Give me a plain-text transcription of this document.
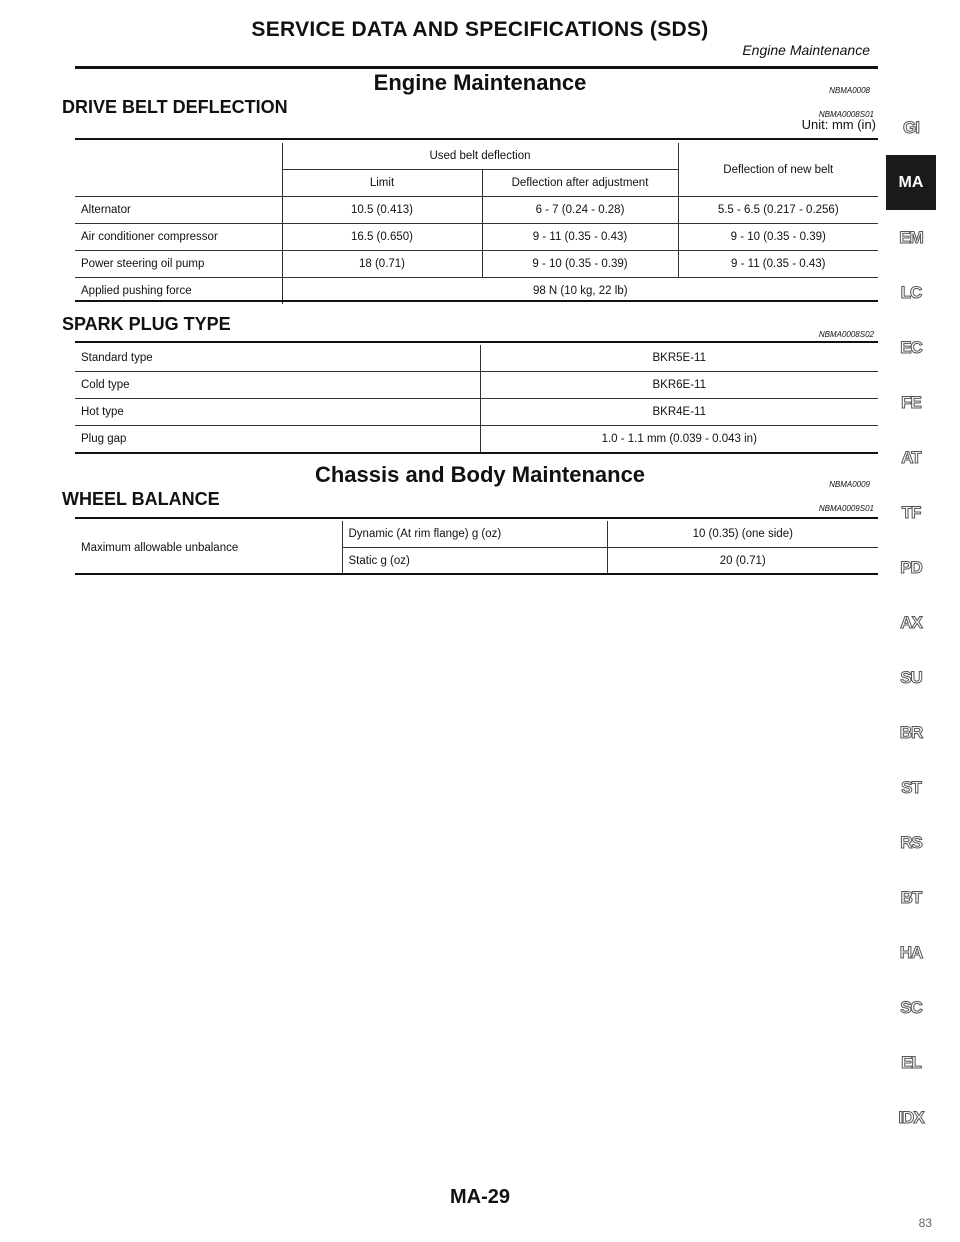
SERVICE DATA AND SPECIFICATIONS (SDS)
Engine Maintenance
Engine Maintenance	NBMA0008
DRIVE BELT DEFLECTION	NBMA0008S01
Unit: mm (in)
	Used belt deflection		Deflection of new belt
	Limit	Deflection after adjustment	
Alternator	10.5 (0.413)	6 - 7 (0.24 - 0.28)	5.5 - 6.5 (0.217 - 0.256)
Air conditioner compressor	16.5 (0.650)	9 - 11 (0.35 - 0.43)	9 - 10 (0.35 - 0.39)
Power steering oil pump	18 (0.71)	9 - 10 (0.35 - 0.39)	9 - 11 (0.35 - 0.43)
Applied pushing force	98 N (10 kg, 22 lb)		
SPARK PLUG TYPE
NBMA0008S02
Standard type	BKR5E-11
Cold type	BKR6E-11
Hot type	BKR4E-11
Plug gap	1.0 - 1.1 mm (0.039 - 0.043 in)
Chassis and Body Maintenance	NBMA0009
WHEEL BALANCE	NBMA0009S01
Maximum allowable unbalance	Dynamic (At rim flange) g (oz)	10 (0.35) (one side)
	Static g (oz)	20 (0.71)
GI
MA
EM
LC
EC
FE
AT
TF
PD
AX
SU
BR
ST
RS
BT
HA
SC
EL
IDX
MA-29
83
